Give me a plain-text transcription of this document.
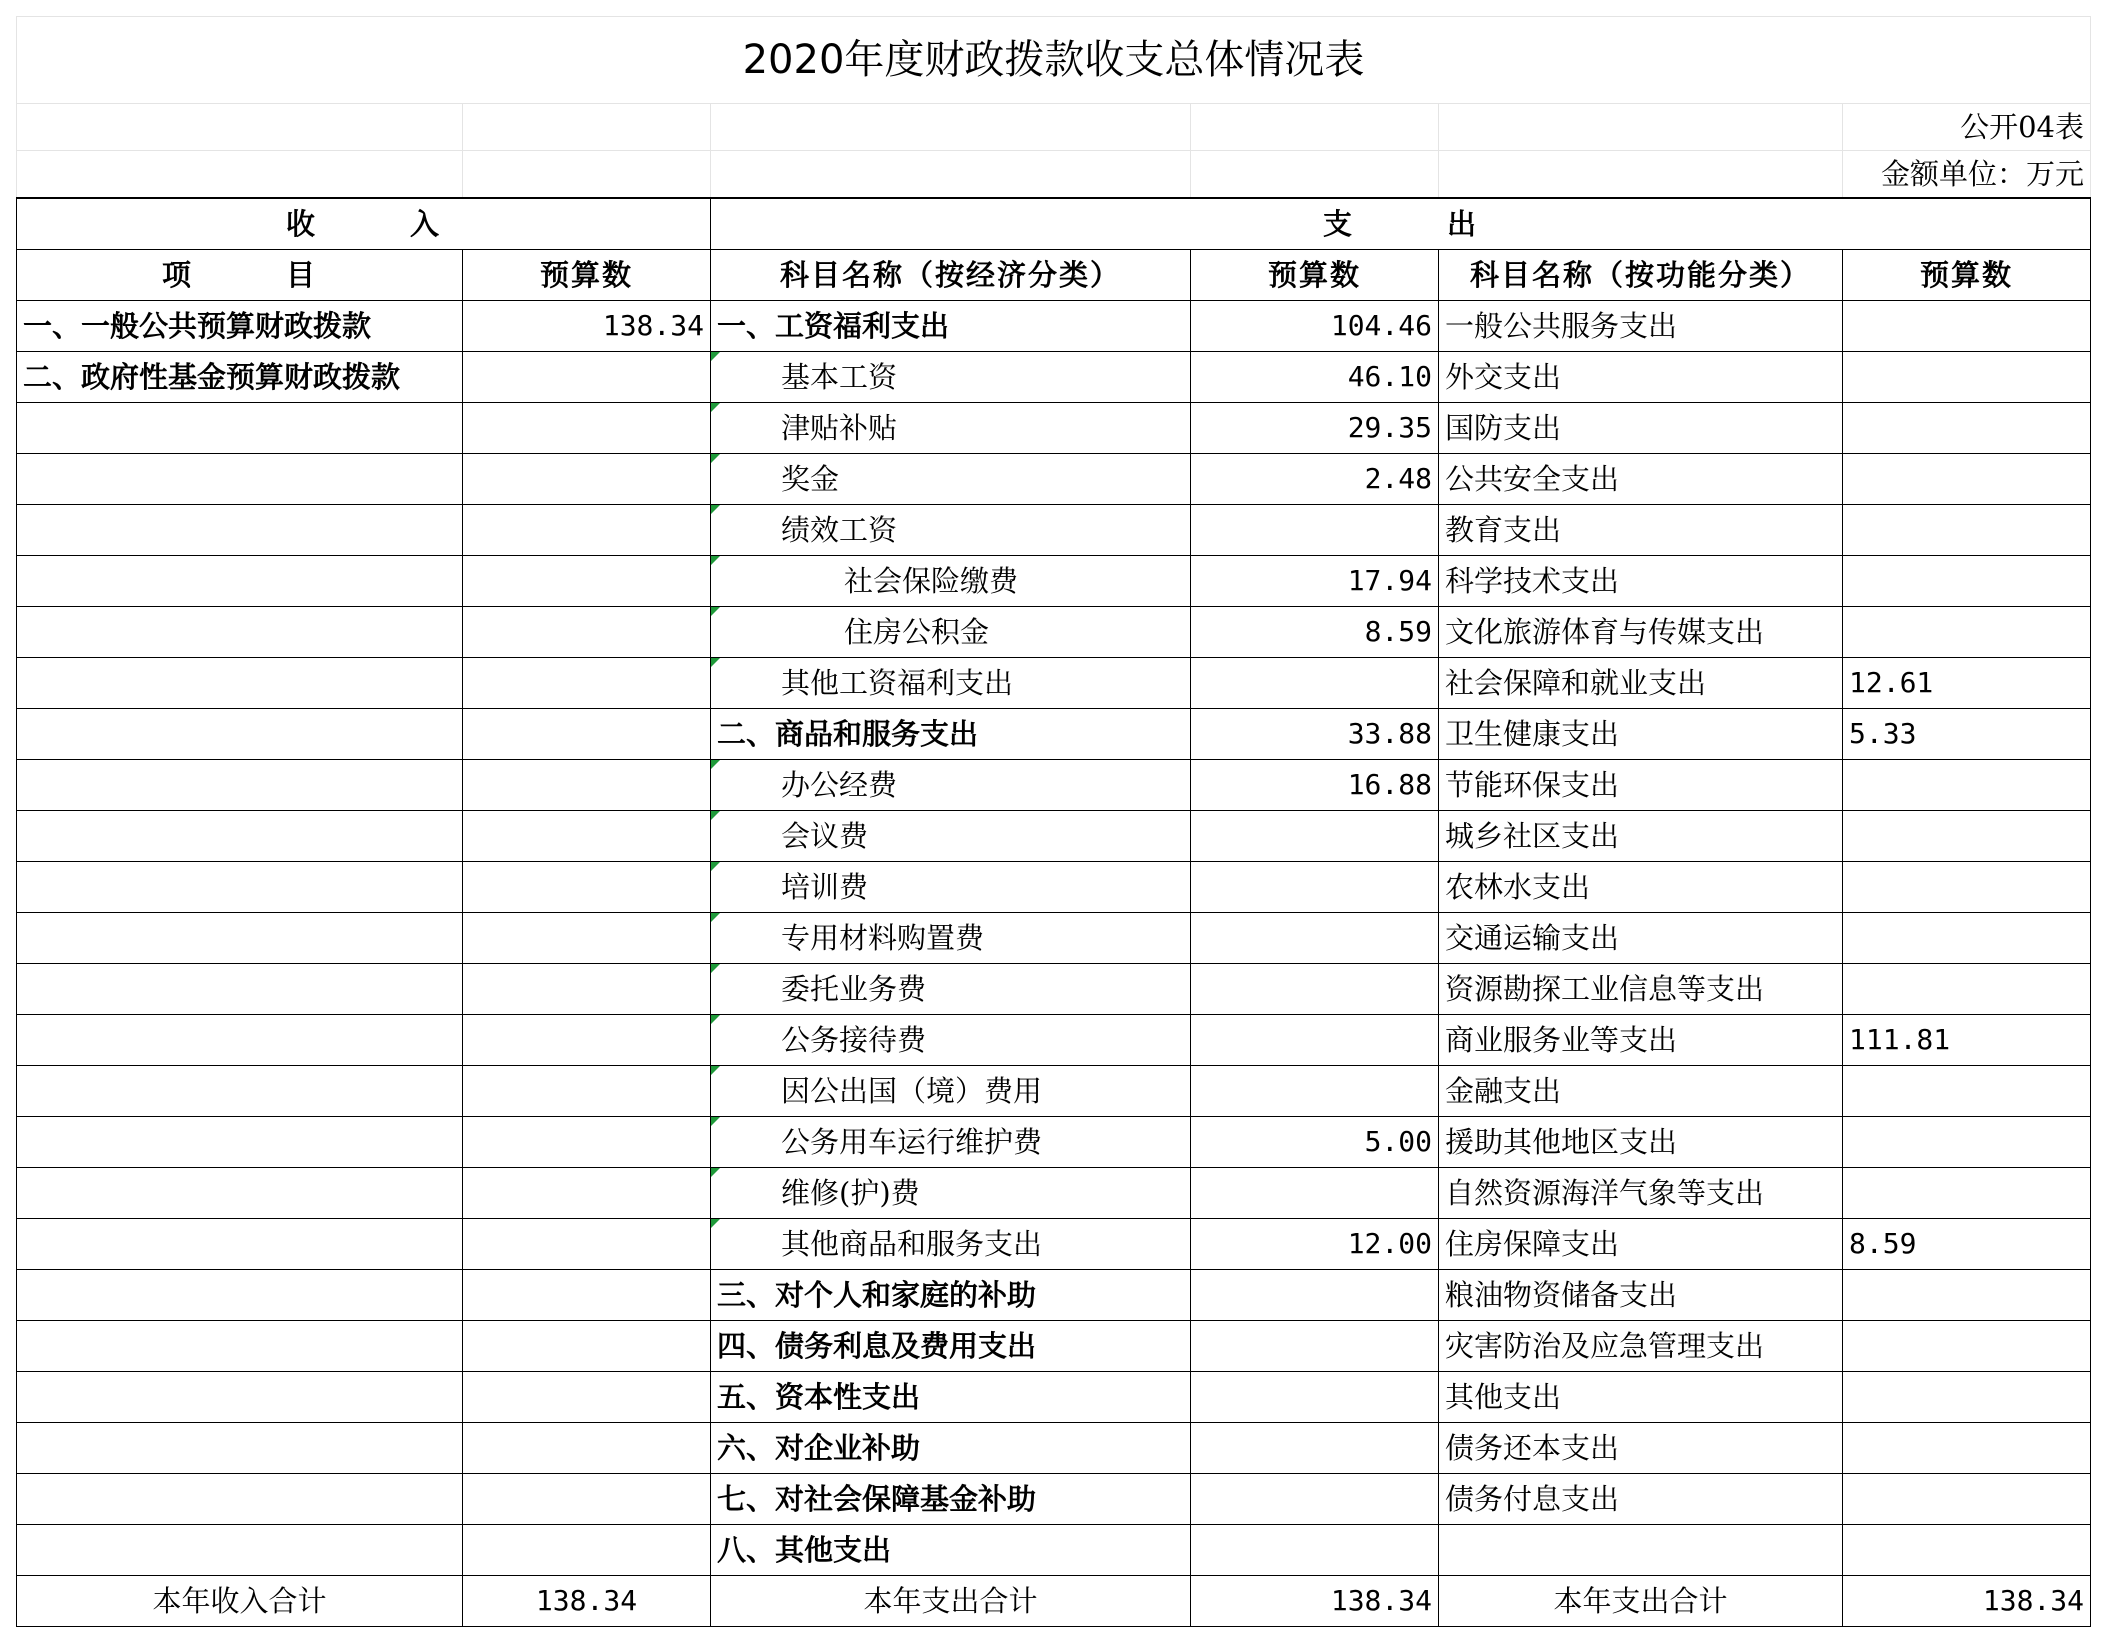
2020年度财政拨款收支总体情况表					
					公开04表
					金额单位：万元
收　　　入		支　　　出			
项　　　目	预算数	科目名称（按经济分类）	预算数	科目名称（按功能分类）	预算数
一、一般公共预算财政拨款	138.34	一、工资福利支出	104.46	一般公共服务支出	
二、政府性基金预算财政拨款		基本工资	46.10	外交支出	
		津贴补贴	29.35	国防支出	
		奖金	2.48	公共安全支出	
		绩效工资		教育支出	
		社会保险缴费	17.94	科学技术支出	
		住房公积金	8.59	文化旅游体育与传媒支出	
		其他工资福利支出		社会保障和就业支出	12.61
		二、商品和服务支出	33.88	卫生健康支出	5.33
		办公经费	16.88	节能环保支出	
		会议费		城乡社区支出	
		培训费		农林水支出	
		专用材料购置费		交通运输支出	
		委托业务费		资源勘探工业信息等支出	
		公务接待费		商业服务业等支出	111.81
		因公出国（境）费用		金融支出	
		公务用车运行维护费	5.00	援助其他地区支出	
		维修(护)费		自然资源海洋气象等支出	
		其他商品和服务支出	12.00	住房保障支出	8.59
		三、对个人和家庭的补助		粮油物资储备支出	
		四、债务利息及费用支出		灾害防治及应急管理支出	
		五、资本性支出		其他支出	
		六、对企业补助		债务还本支出	
		七、对社会保障基金补助		债务付息支出	
		八、其他支出			
本年收入合计	138.34	本年支出合计	138.34	本年支出合计	138.34
